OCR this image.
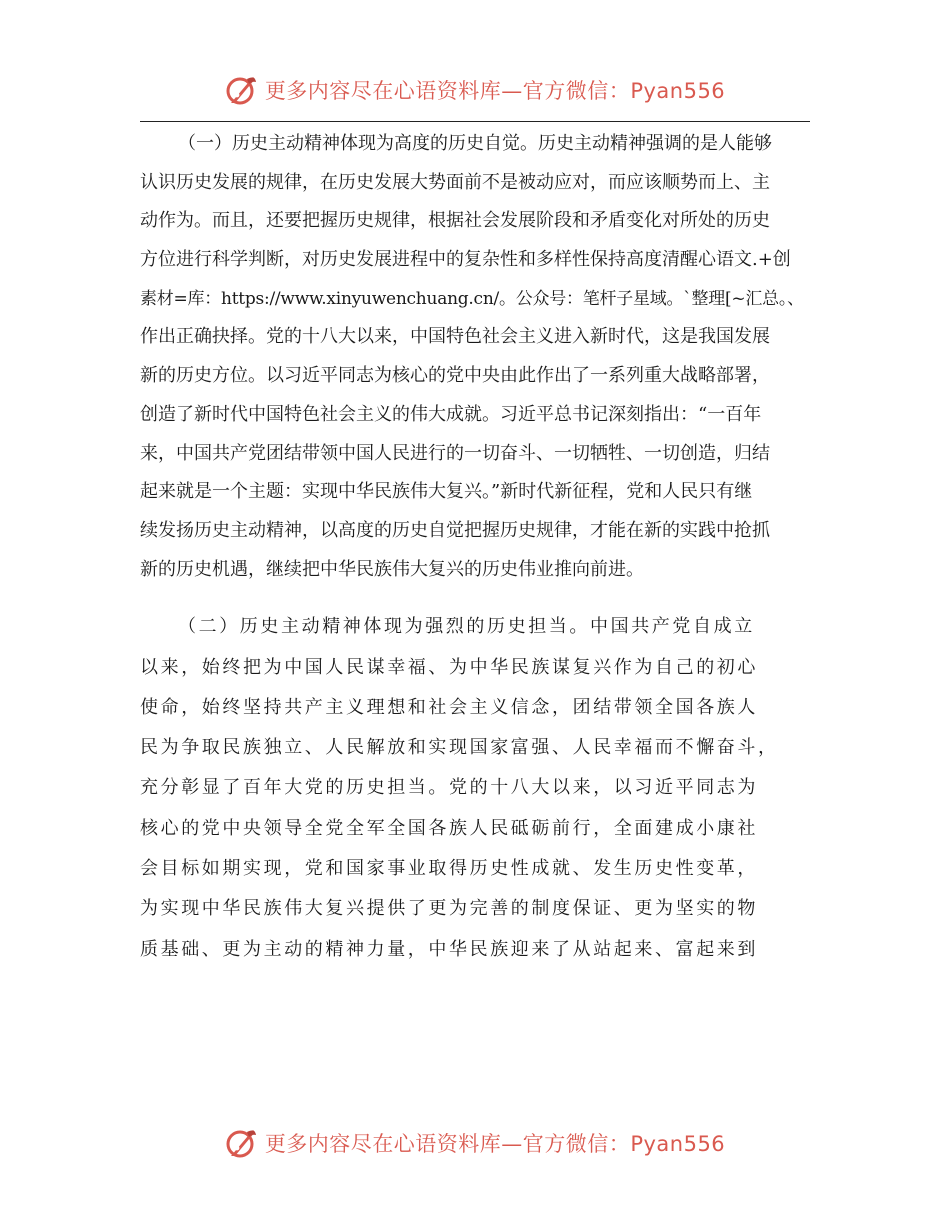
更多内容尽在心语资料库—官方微信：Pyan556
（一）历史主动精神体现为高度的历史自觉。历史主动精神强调的是人能够
认识历史发展的规律，在历史发展大势面前不是被动应对，而应该顺势而上、主
动作为。而且，还要把握历史规律，根据社会发展阶段和矛盾变化对所处的历史
方位进行科学判断，对历史发展进程中的复杂性和多样性保持高度清醒心语文.+创
素材=库：https://www.xinyuwenchuang.cn/。公众号：笔杆子星域。`整理[~汇总。、
作出正确抉择。党的十八大以来，中国特色社会主义进入新时代，这是我国发展
新的历史方位。以习近平同志为核心的党中央由此作出了一系列重大战略部署，
创造了新时代中国特色社会主义的伟大成就。习近平总书记深刻指出：“一百年
来，中国共产党团结带领中国人民进行的一切奋斗、一切牺牲、一切创造，归结
起来就是一个主题：实现中华民族伟大复兴。”新时代新征程，党和人民只有继
续发扬历史主动精神，以高度的历史自觉把握历史规律，才能在新的实践中抢抓
新的历史机遇，继续把中华民族伟大复兴的历史伟业推向前进。
（二）历史主动精神体现为强烈的历史担当。中国共产党自成立
以来，始终把为中国人民谋幸福、为中华民族谋复兴作为自己的初心
使命，始终坚持共产主义理想和社会主义信念，团结带领全国各族人
民为争取民族独立、人民解放和实现国家富强、人民幸福而不懈奋斗，
充分彰显了百年大党的历史担当。党的十八大以来，以习近平同志为
核心的党中央领导全党全军全国各族人民砥砺前行，全面建成小康社
会目标如期实现，党和国家事业取得历史性成就、发生历史性变革，
为实现中华民族伟大复兴提供了更为完善的制度保证、更为坚实的物
质基础、更为主动的精神力量，中华民族迎来了从站起来、富起来到
更多内容尽在心语资料库—官方微信：Pyan556
